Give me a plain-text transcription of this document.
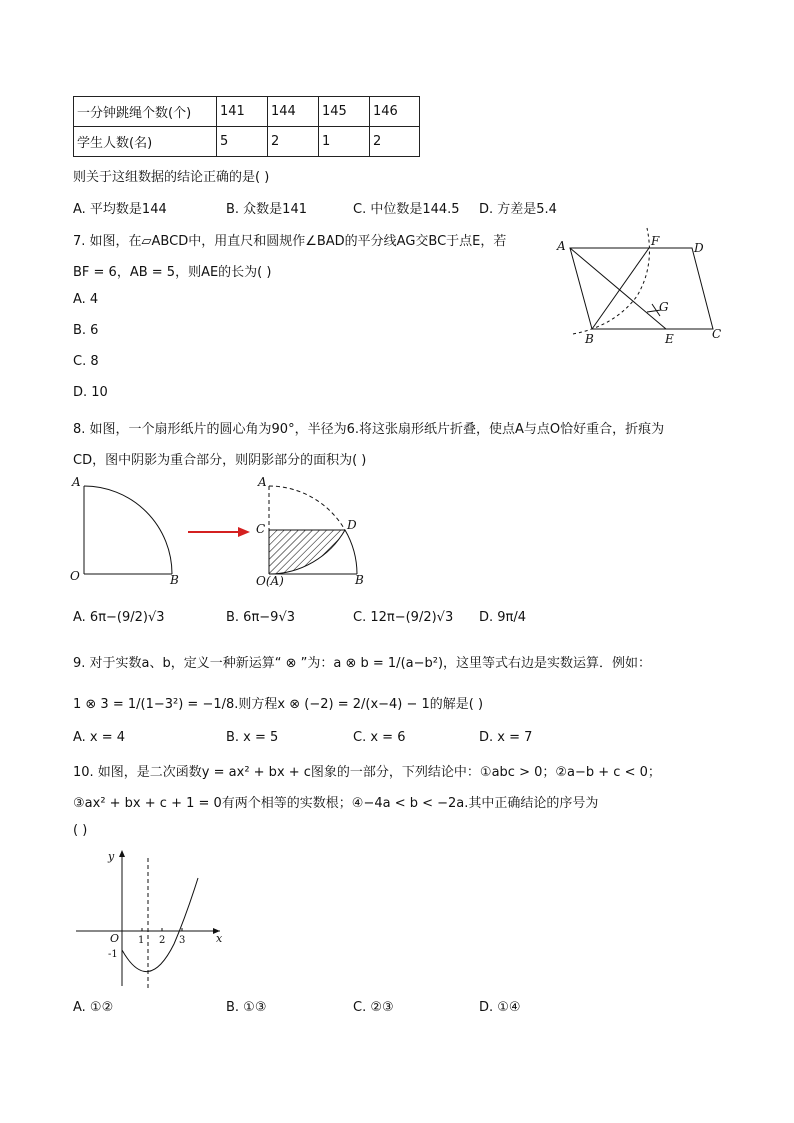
一分钟跳绳个数(个)	141	144	145	146
学生人数(名)	5	2	1	2
则关于这组数据的结论正确的是( )
A. 平均数是144	B. 众数是141	C. 中位数是144.5 D. 方差是5.4
7. 如图，在▱ABCD中，用直尺和圆规作∠BAD的平分线AG交BC于点E，若
BF = 6，AB = 5，则AE的长为( )
A. 4
B. 6
C. 8
D. 10
A	F	D
G
B	E	C
8. 如图，一个扇形纸片的圆心角为90°，半径为6.将这张扇形纸片折叠，使点A与点O恰好重合，折痕为
CD，图中阴影为重合部分，则阴影部分的面积为( )
A
O	B
A
C	D
O(A)	B
A. 6π−(9/2)√3	B. 6π−9√3	C. 12π−(9/2)√3 D. 9π/4
9. 对于实数a、b，定义一种新运算“ ⊗ ”为：a ⊗ b = 1/(a−b²)，这里等式右边是实数运算．例如：
1 ⊗ 3 = 1/(1−3²) = −1/8.则方程x ⊗ (−2) = 2/(x−4) − 1的解是( )
A. x = 4	B. x = 5	C. x = 6	D. x = 7
10. 如图，是二次函数y = ax² + bx + c图象的一部分，下列结论中：①abc > 0；②a−b + c < 0；
③ax² + bx + c + 1 = 0有两个相等的实数根；④−4a < b < −2a.其中正确结论的序号为
( )
y
x
O 1 2 3
-1
A. ①②	B. ①③	C. ②③	D. ①④
